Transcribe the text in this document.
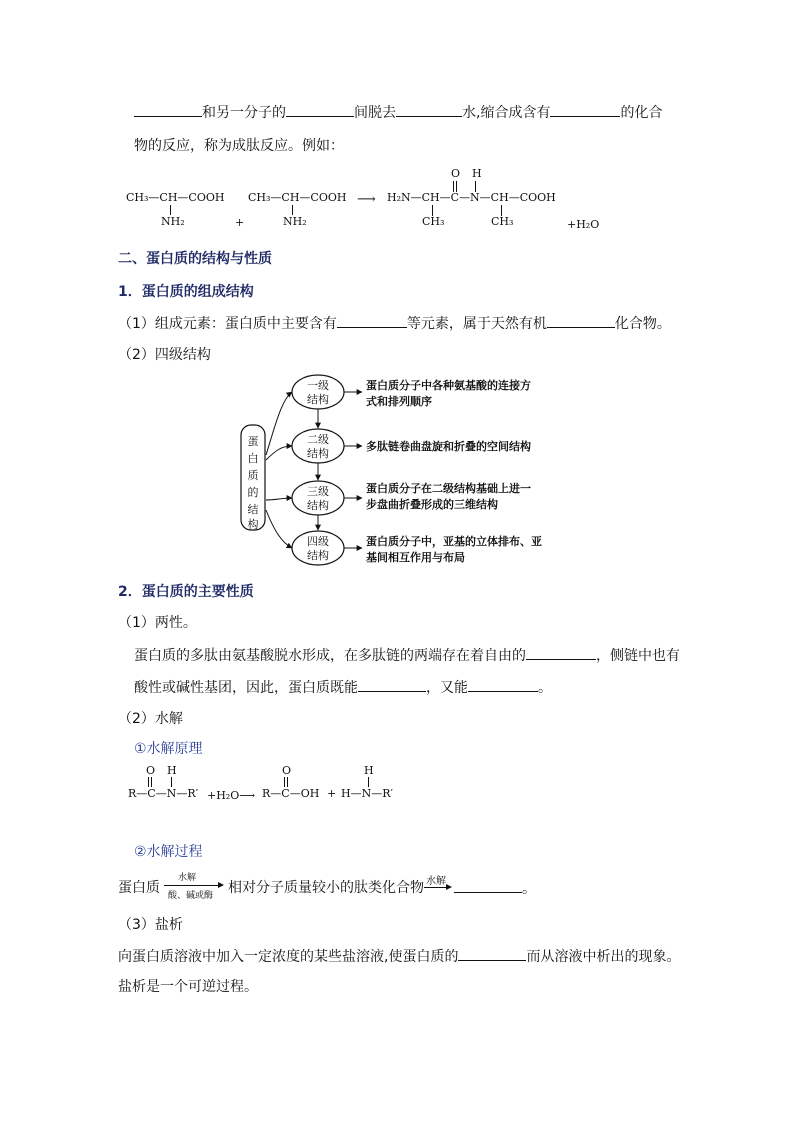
和另一分子的	间脱去	水,缩合成含有	的化合
物的反应，称为成肽反应。例如：
CH₃—CH—COOH
NH₂	+
CH₃—CH—COOH
NH₂
⟶
O H
H₂N—CH—C—N—CH—COOH
CH₃	CH₃	+H₂O
二、蛋白质的结构与性质
1．蛋白质的组成结构
（1）组成元素：蛋白质中主要含有	等元素，属于天然有机	化合物。
（2）四级结构
蛋
白
质
的
结
构
一级
结构
二级
结构
三级
结构
四级
结构
蛋白质分子中各种氨基酸的连接方
式和排列顺序
多肽链卷曲盘旋和折叠的空间结构
蛋白质分子在二级结构基础上进一
步盘曲折叠形成的三维结构
蛋白质分子中，亚基的立体排布、亚
基间相互作用与布局
2．蛋白质的主要性质
（1）两性。
蛋白质的多肽由氨基酸脱水形成，在多肽链的两端存在着自由的	，侧链中也有
酸性或碱性基团，因此，蛋白质既能	，又能	。
（2）水解
①水解原理
O H
R—C—N—R′ +H₂O⟶
O
R—C—OH +
H
H—N—R′
②水解过程
蛋白质
水解
酸、碱或酶 相对分子质量较小的肽类化合物 水解	。
（3）盐析
向蛋白质溶液中加入一定浓度的某些盐溶液,使蛋白质的	而从溶液中析出的现象。
盐析是一个可逆过程。
